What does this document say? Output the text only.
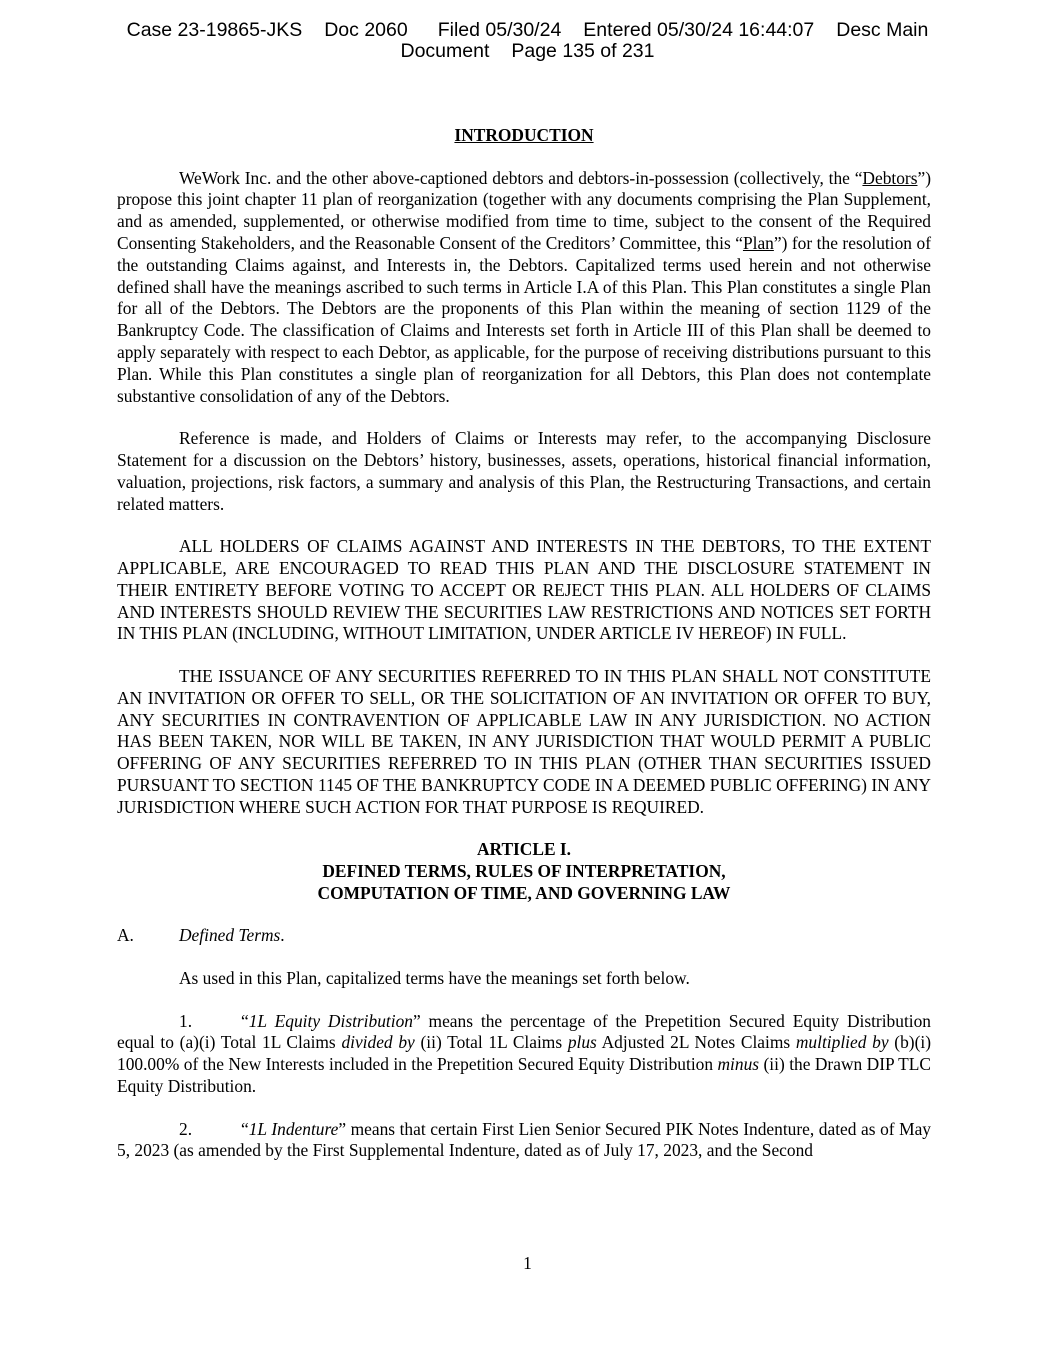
Case 23-19865-JKS Doc 2060 Filed 05/30/24 Entered 05/30/24 16:44:07 Desc Main
Document Page 135 of 231
INTRODUCTION

WeWork Inc. and the other above-captioned debtors and debtors-in-possession (collectively, the “Debtors”) propose this joint chapter 11 plan of reorganization (together with any documents comprising the Plan Supplement, and as amended, supplemented, or otherwise modified from time to time, subject to the consent of the Required Consenting Stakeholders, and the Reasonable Consent of the Creditors’ Committee, this “Plan”) for the resolution of the outstanding Claims against, and Interests in, the Debtors. Capitalized terms used herein and not otherwise defined shall have the meanings ascribed to such terms in Article I.A of this Plan. This Plan constitutes a single Plan for all of the Debtors. The Debtors are the proponents of this Plan within the meaning of section 1129 of the Bankruptcy Code. The classification of Claims and Interests set forth in Article III of this Plan shall be deemed to apply separately with respect to each Debtor, as applicable, for the purpose of receiving distributions pursuant to this Plan. While this Plan constitutes a single plan of reorganization for all Debtors, this Plan does not contemplate substantive consolidation of any of the Debtors.

Reference is made, and Holders of Claims or Interests may refer, to the accompanying Disclosure Statement for a discussion on the Debtors’ history, businesses, assets, operations, historical financial information, valuation, projections, risk factors, a summary and analysis of this Plan, the Restructuring Transactions, and certain related matters.

ALL HOLDERS OF CLAIMS AGAINST AND INTERESTS IN THE DEBTORS, TO THE EXTENT APPLICABLE, ARE ENCOURAGED TO READ THIS PLAN AND THE DISCLOSURE STATEMENT IN THEIR ENTIRETY BEFORE VOTING TO ACCEPT OR REJECT THIS PLAN. ALL HOLDERS OF CLAIMS AND INTERESTS SHOULD REVIEW THE SECURITIES LAW RESTRICTIONS AND NOTICES SET FORTH IN THIS PLAN (INCLUDING, WITHOUT LIMITATION, UNDER ARTICLE IV HEREOF) IN FULL.

THE ISSUANCE OF ANY SECURITIES REFERRED TO IN THIS PLAN SHALL NOT CONSTITUTE AN INVITATION OR OFFER TO SELL, OR THE SOLICITATION OF AN INVITATION OR OFFER TO BUY, ANY SECURITIES IN CONTRAVENTION OF APPLICABLE LAW IN ANY JURISDICTION. NO ACTION HAS BEEN TAKEN, NOR WILL BE TAKEN, IN ANY JURISDICTION THAT WOULD PERMIT A PUBLIC OFFERING OF ANY SECURITIES REFERRED TO IN THIS PLAN (OTHER THAN SECURITIES ISSUED PURSUANT TO SECTION 1145 OF THE BANKRUPTCY CODE IN A DEEMED PUBLIC OFFERING) IN ANY JURISDICTION WHERE SUCH ACTION FOR THAT PURPOSE IS REQUIRED.

ARTICLE I.
DEFINED TERMS, RULES OF INTERPRETATION,
COMPUTATION OF TIME, AND GOVERNING LAW
A.	Defined Terms.

As used in this Plan, capitalized terms have the meanings set forth below.

1.	“1L Equity Distribution” means the percentage of the Prepetition Secured Equity Distribution equal to (a)(i) Total 1L Claims divided by (ii) Total 1L Claims plus Adjusted 2L Notes Claims multiplied by (b)(i) 100.00% of the New Interests included in the Prepetition Secured Equity Distribution minus (ii) the Drawn DIP TLC Equity Distribution.

2.	“1L Indenture” means that certain First Lien Senior Secured PIK Notes Indenture, dated as of May 5, 2023 (as amended by the First Supplemental Indenture, dated as of July 17, 2023, and the Second

1
